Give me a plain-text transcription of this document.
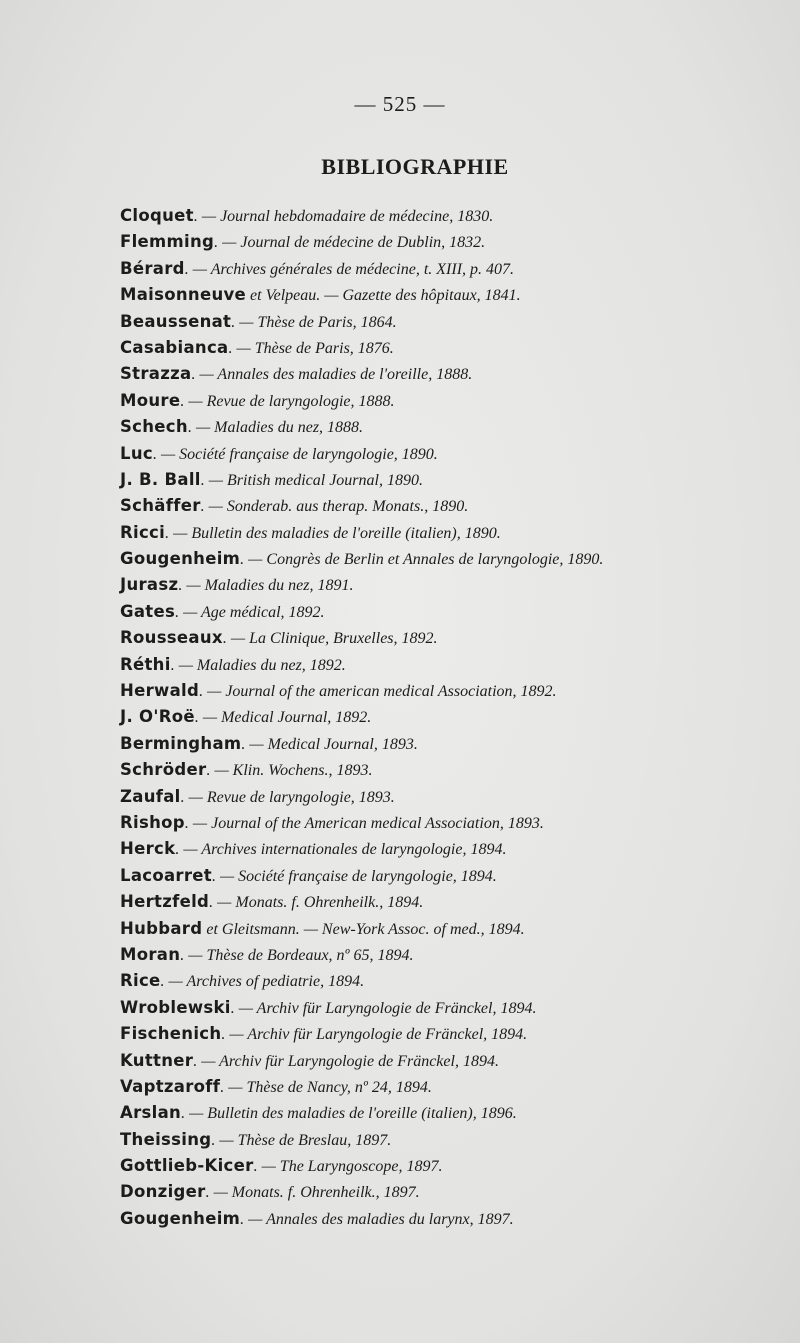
— 525 —
BIBLIOGRAPHIE
Cloquet. — Journal hebdomadaire de médecine, 1830.
Flemming. — Journal de médecine de Dublin, 1832.
Bérard. — Archives générales de médecine, t. XIII, p. 407.
Maisonneuve et Velpeau. — Gazette des hôpitaux, 1841.
Beaussenat. — Thèse de Paris, 1864.
Casabianca. — Thèse de Paris, 1876.
Strazza. — Annales des maladies de l'oreille, 1888.
Moure. — Revue de laryngologie, 1888.
Schech. — Maladies du nez, 1888.
Luc. — Société française de laryngologie, 1890.
J. B. Ball. — British medical Journal, 1890.
Schäffer. — Sonderab. aus therap. Monats., 1890.
Ricci. — Bulletin des maladies de l'oreille (italien), 1890.
Gougenheim. — Congrès de Berlin et Annales de laryngologie, 1890.
Jurasz. — Maladies du nez, 1891.
Gates. — Age médical, 1892.
Rousseaux. — La Clinique, Bruxelles, 1892.
Réthi. — Maladies du nez, 1892.
Herwald. — Journal of the american medical Association, 1892.
J. O'Roë. — Medical Journal, 1892.
Bermingham. — Medical Journal, 1893.
Schröder. — Klin. Wochens., 1893.
Zaufal. — Revue de laryngologie, 1893.
Rishop. — Journal of the American medical Association, 1893.
Herck. — Archives internationales de laryngologie, 1894.
Lacoarret. — Société française de laryngologie, 1894.
Hertzfeld. — Monats. f. Ohrenheilk., 1894.
Hubbard et Gleitsmann. — New-York Assoc. of med., 1894.
Moran. — Thèse de Bordeaux, nº 65, 1894.
Rice. — Archives of pediatrie, 1894.
Wroblewski. — Archiv für Laryngologie de Fränckel, 1894.
Fischenich. — Archiv für Laryngologie de Fränckel, 1894.
Kuttner. — Archiv für Laryngologie de Fränckel, 1894.
Vaptzaroff. — Thèse de Nancy, nº 24, 1894.
Arslan. — Bulletin des maladies de l'oreille (italien), 1896.
Theissing. — Thèse de Breslau, 1897.
Gottlieb-Kicer. — The Laryngoscope, 1897.
Donziger. — Monats. f. Ohrenheilk., 1897.
Gougenheim. — Annales des maladies du larynx, 1897.
